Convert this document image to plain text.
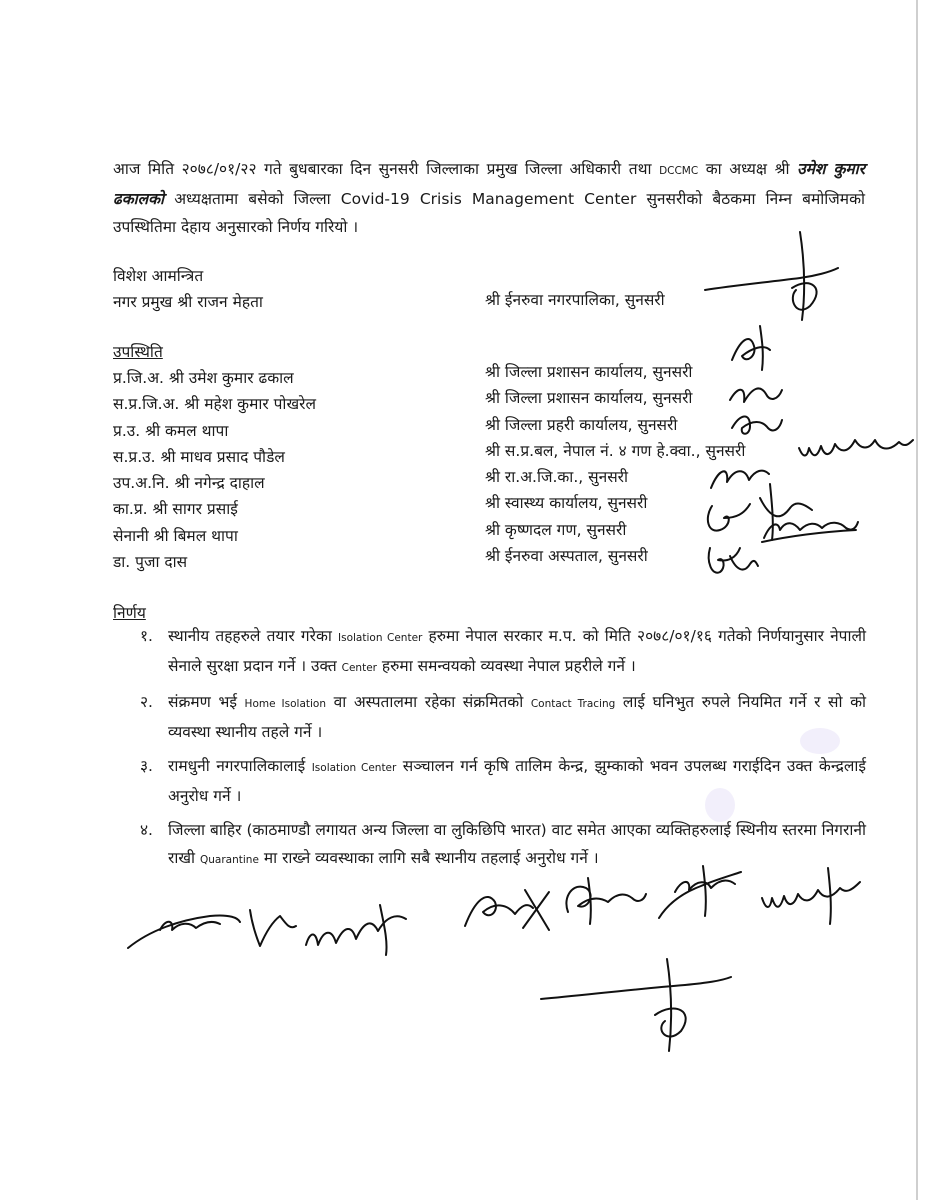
आज मिति २०७८/०१/२२ गते बुधबारका दिन सुनसरी जिल्लाका प्रमुख जिल्ला अधिकारी तथा DCCMC का अध्यक्ष श्री उमेश कुमार ढकालको अध्यक्षतामा बसेको जिल्ला Covid-19 Crisis Management Center सुनसरीको बैठकमा निम्न बमोजिमको उपस्थितिमा देहाय अनुसारको निर्णय गरियो ।
विशेश आमन्त्रित
नगर प्रमुख श्री राजन मेहता	श्री ईनरुवा नगरपालिका, सुनसरी
उपस्थिति
प्र.जि.अ. श्री उमेश कुमार ढकाल
स.प्र.जि.अ. श्री महेश कुमार पोखरेल
प्र.उ. श्री कमल थापा
स.प्र.उ. श्री माधव प्रसाद पौडेल
उप.अ.नि. श्री नगेन्द्र दाहाल
का.प्र. श्री सागर प्रसाई
सेनानी श्री बिमल थापा
डा. पुजा दास
श्री जिल्ला प्रशासन कार्यालय, सुनसरी
श्री जिल्ला प्रशासन कार्यालय, सुनसरी
श्री जिल्ला प्रहरी कार्यालय, सुनसरी
श्री स.प्र.बल, नेपाल नं. ४ गण हे.क्वा., सुनसरी
श्री रा.अ.जि.का., सुनसरी
श्री स्वास्थ्य कार्यालय, सुनसरी
श्री कृष्णदल गण, सुनसरी
श्री ईनरुवा अस्पताल, सुनसरी
निर्णय
१. स्थानीय तहहरुले तयार गरेका Isolation Center हरुमा नेपाल सरकार म.प. को मिति २०७८/०१/१६ गतेको निर्णयानुसार नेपाली सेनाले सुरक्षा प्रदान गर्ने । उक्त Center हरुमा समन्वयको व्यवस्था नेपाल प्रहरीले गर्ने ।
२. संक्रमण भई Home Isolation वा अस्पतालमा रहेका संक्रमितको Contact Tracing लाई घनिभुत रुपले नियमित गर्ने र सो को व्यवस्था स्थानीय तहले गर्ने ।
३. रामधुनी नगरपालिकालाई Isolation Center सञ्चालन गर्न कृषि तालिम केन्द्र, झुम्काको भवन उपलब्ध गराईदिन उक्त केन्द्रलाई अनुरोध गर्ने ।
४. जिल्ला बाहिर (काठमाण्डौ लगायत अन्य जिल्ला वा लुकिछिपि भारत) वाट समेत आएका व्यक्तिहरुलाई स्थिनीय स्तरमा निगरानी राखी Quarantine मा राख्ने व्यवस्थाका लागि सबै स्थानीय तहलाई अनुरोध गर्ने ।
